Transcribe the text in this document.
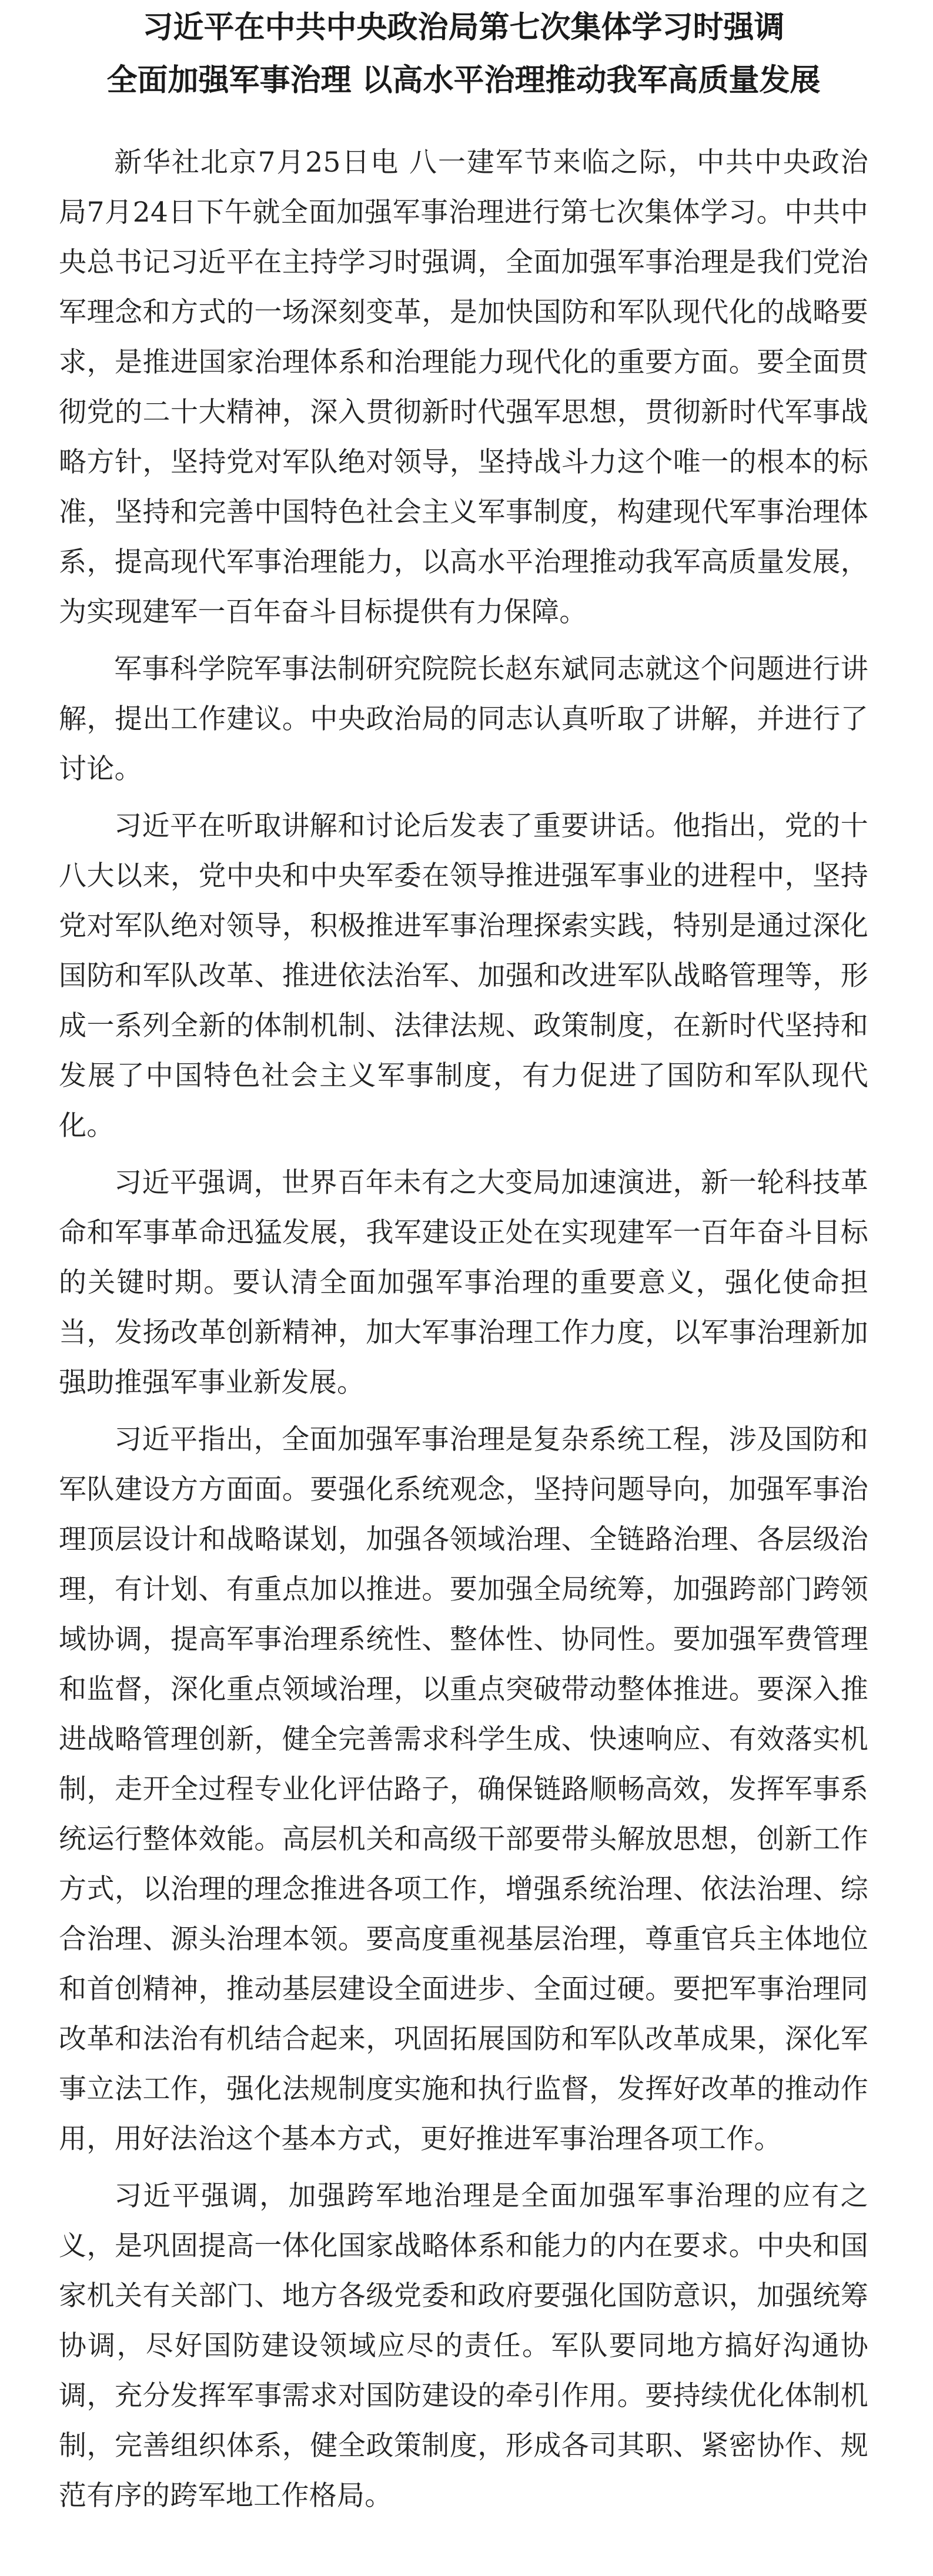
习近平在中共中央政治局第七次集体学习时强调
全面加强军事治理 以高水平治理推动我军高质量发展

新华社北京7月25日电 八一建军节来临之际，中共中央政治局7月24日下午就全面加强军事治理进行第七次集体学习。中共中央总书记习近平在主持学习时强调，全面加强军事治理是我们党治军理念和方式的一场深刻变革，是加快国防和军队现代化的战略要求，是推进国家治理体系和治理能力现代化的重要方面。要全面贯彻党的二十大精神，深入贯彻新时代强军思想，贯彻新时代军事战略方针，坚持党对军队绝对领导，坚持战斗力这个唯一的根本的标准，坚持和完善中国特色社会主义军事制度，构建现代军事治理体系，提高现代军事治理能力，以高水平治理推动我军高质量发展，为实现建军一百年奋斗目标提供有力保障。

军事科学院军事法制研究院院长赵东斌同志就这个问题进行讲解，提出工作建议。中央政治局的同志认真听取了讲解，并进行了讨论。

习近平在听取讲解和讨论后发表了重要讲话。他指出，党的十八大以来，党中央和中央军委在领导推进强军事业的进程中，坚持党对军队绝对领导，积极推进军事治理探索实践，特别是通过深化国防和军队改革、推进依法治军、加强和改进军队战略管理等，形成一系列全新的体制机制、法律法规、政策制度，在新时代坚持和发展了中国特色社会主义军事制度，有力促进了国防和军队现代化。

习近平强调，世界百年未有之大变局加速演进，新一轮科技革命和军事革命迅猛发展，我军建设正处在实现建军一百年奋斗目标的关键时期。要认清全面加强军事治理的重要意义，强化使命担当，发扬改革创新精神，加大军事治理工作力度，以军事治理新加强助推强军事业新发展。

习近平指出，全面加强军事治理是复杂系统工程，涉及国防和军队建设方方面面。要强化系统观念，坚持问题导向，加强军事治理顶层设计和战略谋划，加强各领域治理、全链路治理、各层级治理，有计划、有重点加以推进。要加强全局统筹，加强跨部门跨领域协调，提高军事治理系统性、整体性、协同性。要加强军费管理和监督，深化重点领域治理，以重点突破带动整体推进。要深入推进战略管理创新，健全完善需求科学生成、快速响应、有效落实机制，走开全过程专业化评估路子，确保链路顺畅高效，发挥军事系统运行整体效能。高层机关和高级干部要带头解放思想，创新工作方式，以治理的理念推进各项工作，增强系统治理、依法治理、综合治理、源头治理本领。要高度重视基层治理，尊重官兵主体地位和首创精神，推动基层建设全面进步、全面过硬。要把军事治理同改革和法治有机结合起来，巩固拓展国防和军队改革成果，深化军事立法工作，强化法规制度实施和执行监督，发挥好改革的推动作用，用好法治这个基本方式，更好推进军事治理各项工作。

习近平强调，加强跨军地治理是全面加强军事治理的应有之义，是巩固提高一体化国家战略体系和能力的内在要求。中央和国家机关有关部门、地方各级党委和政府要强化国防意识，加强统筹协调，尽好国防建设领域应尽的责任。军队要同地方搞好沟通协调，充分发挥军事需求对国防建设的牵引作用。要持续优化体制机制，完善组织体系，健全政策制度，形成各司其职、紧密协作、规范有序的跨军地工作格局。
